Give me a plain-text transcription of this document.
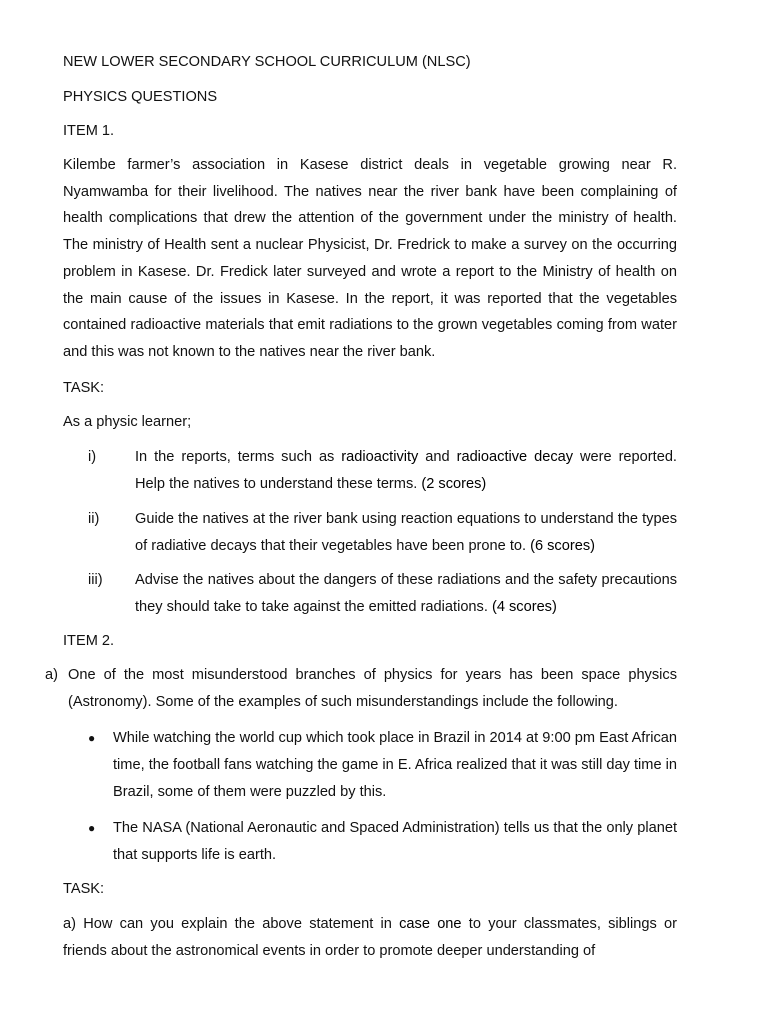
NEW LOWER SECONDARY SCHOOL CURRICULUM (NLSC)
PHYSICS QUESTIONS
ITEM 1.
Kilembe farmer’s association in Kasese district deals in vegetable growing near R. Nyamwamba for their livelihood. The natives near the river bank have been complaining of health complications that drew the attention of the government under the ministry of health. The ministry of Health sent a nuclear Physicist, Dr. Fredrick to make a survey on the occurring problem in Kasese. Dr. Fredick later surveyed and wrote a report to the Ministry of health on the main cause of the issues in Kasese. In the report, it was reported that the vegetables contained radioactive materials that emit radiations to the grown vegetables coming from water and this was not known to the natives near the river bank.
TASK:
As a physic learner;
i)	In the reports, terms such as radioactivity and radioactive decay were reported. Help the natives to understand these terms. (2 scores)
ii) Guide the natives at the river bank using reaction equations to understand the types of radiative decays that their vegetables have been prone to. (6 scores)
iii) Advise the natives about the dangers of these radiations and the safety precautions they should take to take against the emitted radiations. (4 scores)
ITEM 2.
a) One of the most misunderstood branches of physics for years has been space physics (Astronomy). Some of the examples of such misunderstandings include the following.
● While watching the world cup which took place in Brazil in 2014 at 9:00 pm East African time, the football fans watching the game in E. Africa realized that it was still day time in Brazil, some of them were puzzled by this.
● The NASA (National Aeronautic and Spaced Administration) tells us that the only planet that supports life is earth.
TASK:
a) How can you explain the above statement in case one to your classmates, siblings or friends about the astronomical events in order to promote deeper understanding of
